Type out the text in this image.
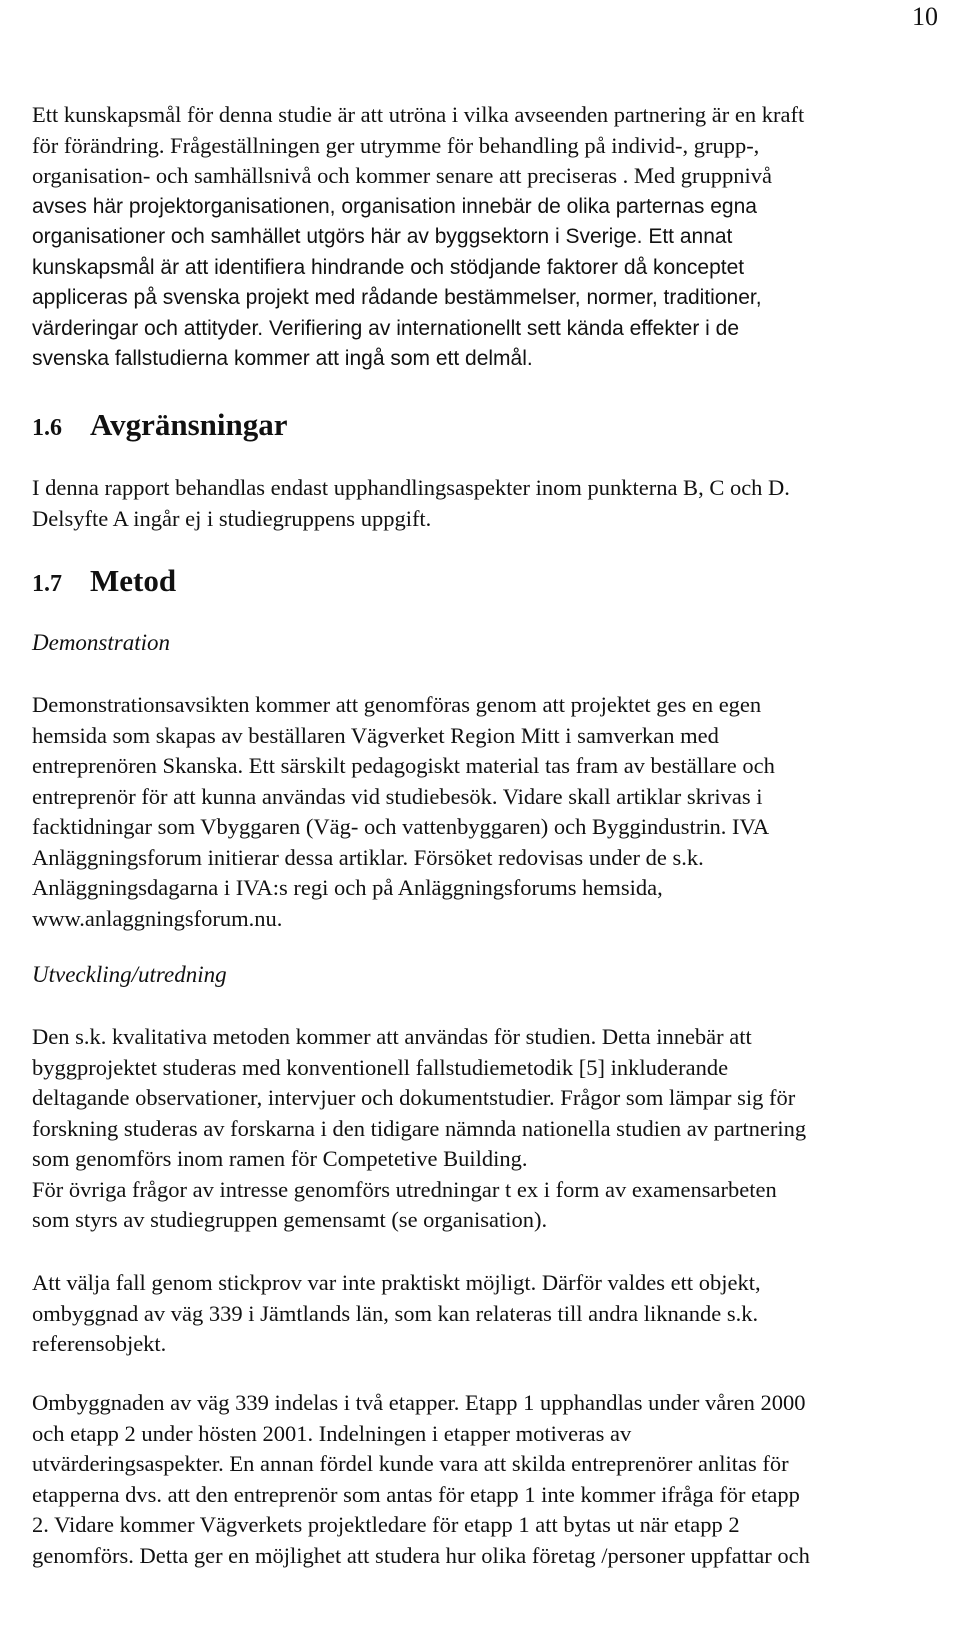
10

Ett kunskapsmål för denna studie är att utröna i vilka avseenden partnering är en kraft

för förändring. Frågeställningen ger utrymme för behandling på individ-, grupp-,

organisation- och samhällsnivå och kommer senare att preciseras . Med gruppnivå

avses här projektorganisationen, organisation innebär de olika parternas egna

organisationer och samhället utgörs här av byggsektorn i Sverige. Ett annat

kunskapsmål är att identifiera hindrande och stödjande faktorer då konceptet

appliceras på svenska projekt med rådande bestämmelser, normer, traditioner,

värderingar och attityder. Verifiering av internationellt sett kända effekter i de

svenska fallstudierna kommer att ingå som ett delmål.

1.6 Avgränsningar

I denna rapport behandlas endast upphandlingsaspekter inom punkterna B, C och D.

Delsyfte A ingår ej i studiegruppens uppgift.

1.7 Metod
Demonstration

Demonstrationsavsikten kommer att genomföras genom att projektet ges en egen

hemsida som skapas av beställaren Vägverket Region Mitt i samverkan med

entreprenören Skanska. Ett särskilt pedagogiskt material tas fram av beställare och

entreprenör för att kunna användas vid studiebesök. Vidare skall artiklar skrivas i

facktidningar som Vbyggaren (Väg- och vattenbyggaren) och Byggindustrin. IVA

Anläggningsforum initierar dessa artiklar. Försöket redovisas under de s.k.

Anläggningsdagarna i IVA:s regi och på Anläggningsforums hemsida,

www.anlaggningsforum.nu.

Utveckling/utredning

Den s.k. kvalitativa metoden kommer att användas för studien. Detta innebär att

byggprojektet studeras med konventionell fallstudiemetodik [5] inkluderande

deltagande observationer, intervjuer och dokumentstudier. Frågor som lämpar sig för

forskning studeras av forskarna i den tidigare nämnda nationella studien av partnering

som genomförs inom ramen för Competetive Building.

För övriga frågor av intresse genomförs utredningar t ex i form av examensarbeten

som styrs av studiegruppen gemensamt (se organisation).

Att välja fall genom stickprov var inte praktiskt möjligt. Därför valdes ett objekt,

ombyggnad av väg 339 i Jämtlands län, som kan relateras till andra liknande s.k.

referensobjekt.

Ombyggnaden av väg 339 indelas i två etapper. Etapp 1 upphandlas under våren 2000

och etapp 2 under hösten 2001. Indelningen i etapper motiveras av

utvärderingsaspekter. En annan fördel kunde vara att skilda entreprenörer anlitas för

etapperna dvs. att den entreprenör som antas för etapp 1 inte kommer ifråga för etapp

2. Vidare kommer Vägverkets projektledare för etapp 1 att bytas ut när etapp 2

genomförs. Detta ger en möjlighet att studera hur olika företag /personer uppfattar och
